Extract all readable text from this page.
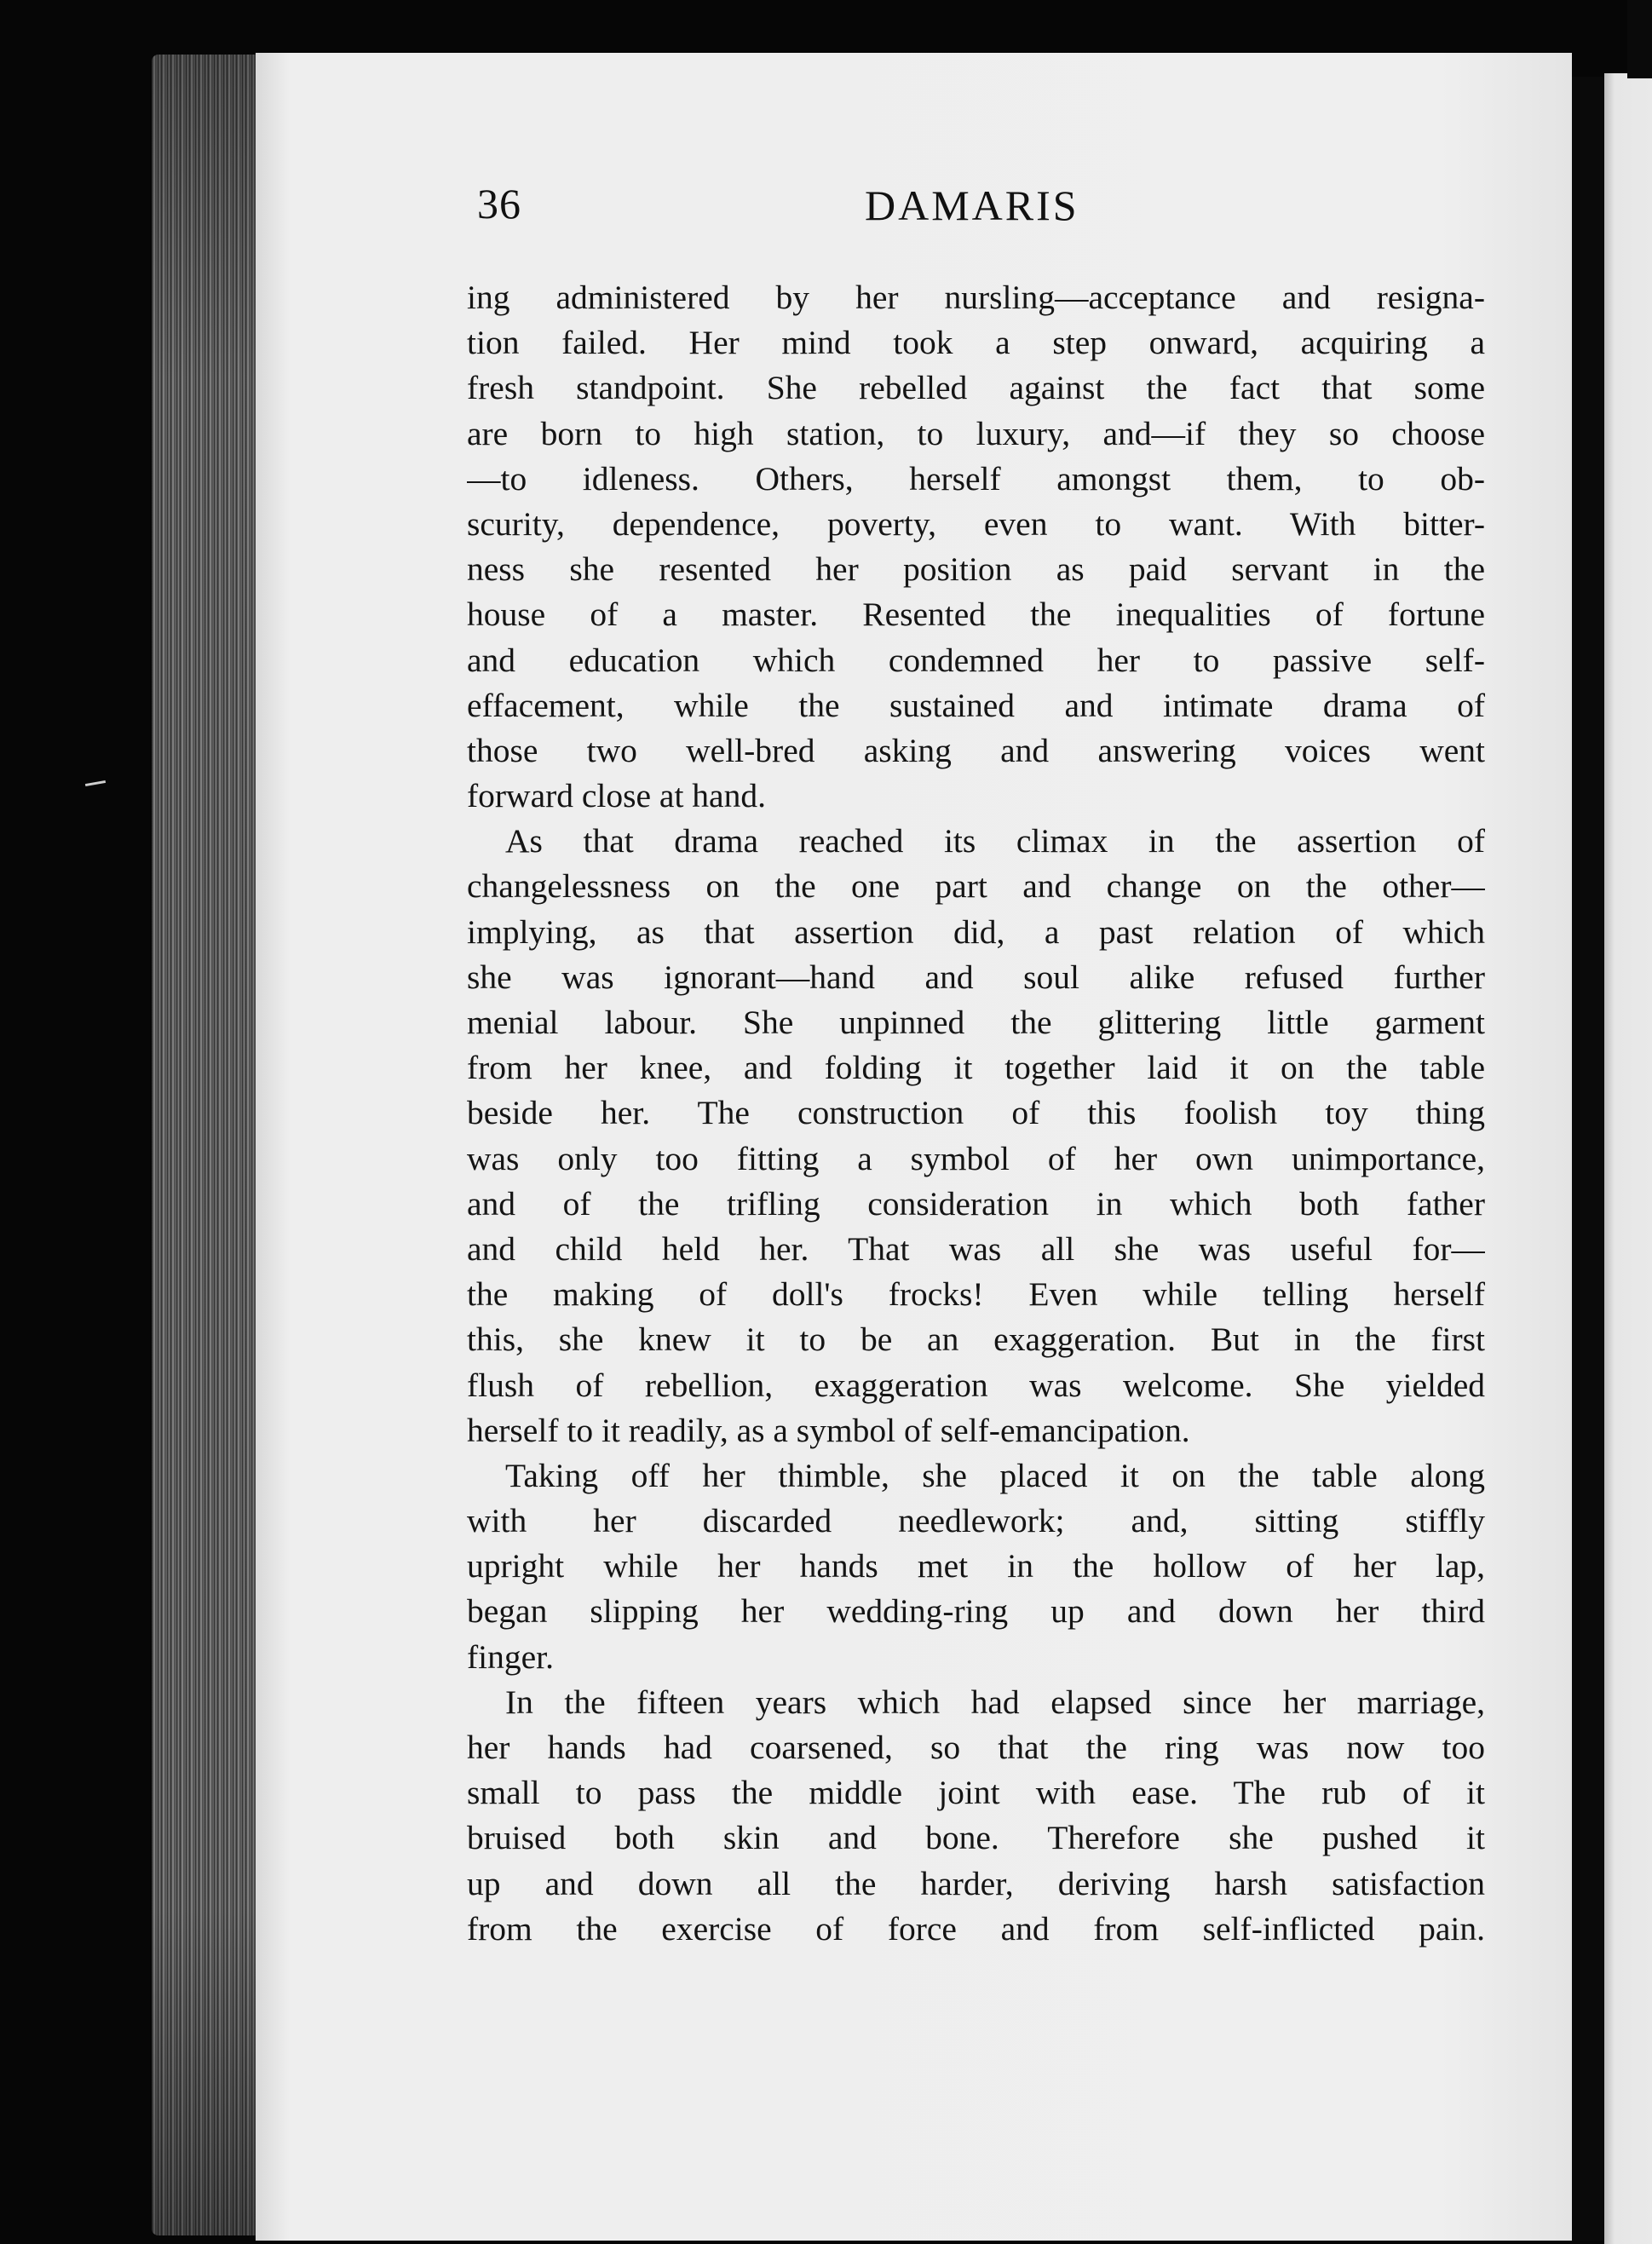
36	DAMARIS
ing administered by her nursling—acceptance and resigna-
tion failed. Her mind took a step onward, acquiring a
fresh standpoint. She rebelled against the fact that some
are born to high station, to luxury, and—if they so choose
—to idleness. Others, herself amongst them, to ob-
scurity, dependence, poverty, even to want. With bitter-
ness she resented her position as paid servant in the
house of a master. Resented the inequalities of fortune
and education which condemned her to passive self-
effacement, while the sustained and intimate drama of
those two well-bred asking and answering voices went
forward close at hand.
As that drama reached its climax in the assertion of
changelessness on the one part and change on the other—
implying, as that assertion did, a past relation of which
she was ignorant—hand and soul alike refused further
menial labour. She unpinned the glittering little garment
from her knee, and folding it together laid it on the table
beside her. The construction of this foolish toy thing
was only too fitting a symbol of her own unimportance,
and of the trifling consideration in which both father
and child held her. That was all she was useful for—
the making of doll's frocks! Even while telling herself
this, she knew it to be an exaggeration. But in the first
flush of rebellion, exaggeration was welcome. She yielded
herself to it readily, as a symbol of self-emancipation.
Taking off her thimble, she placed it on the table along
with her discarded needlework; and, sitting stiffly
upright while her hands met in the hollow of her lap,
began slipping her wedding-ring up and down her third
finger.
In the fifteen years which had elapsed since her marriage,
her hands had coarsened, so that the ring was now too
small to pass the middle joint with ease. The rub of it
bruised both skin and bone. Therefore she pushed it
up and down all the harder, deriving harsh satisfaction
from the exercise of force and from self-inflicted pain.
